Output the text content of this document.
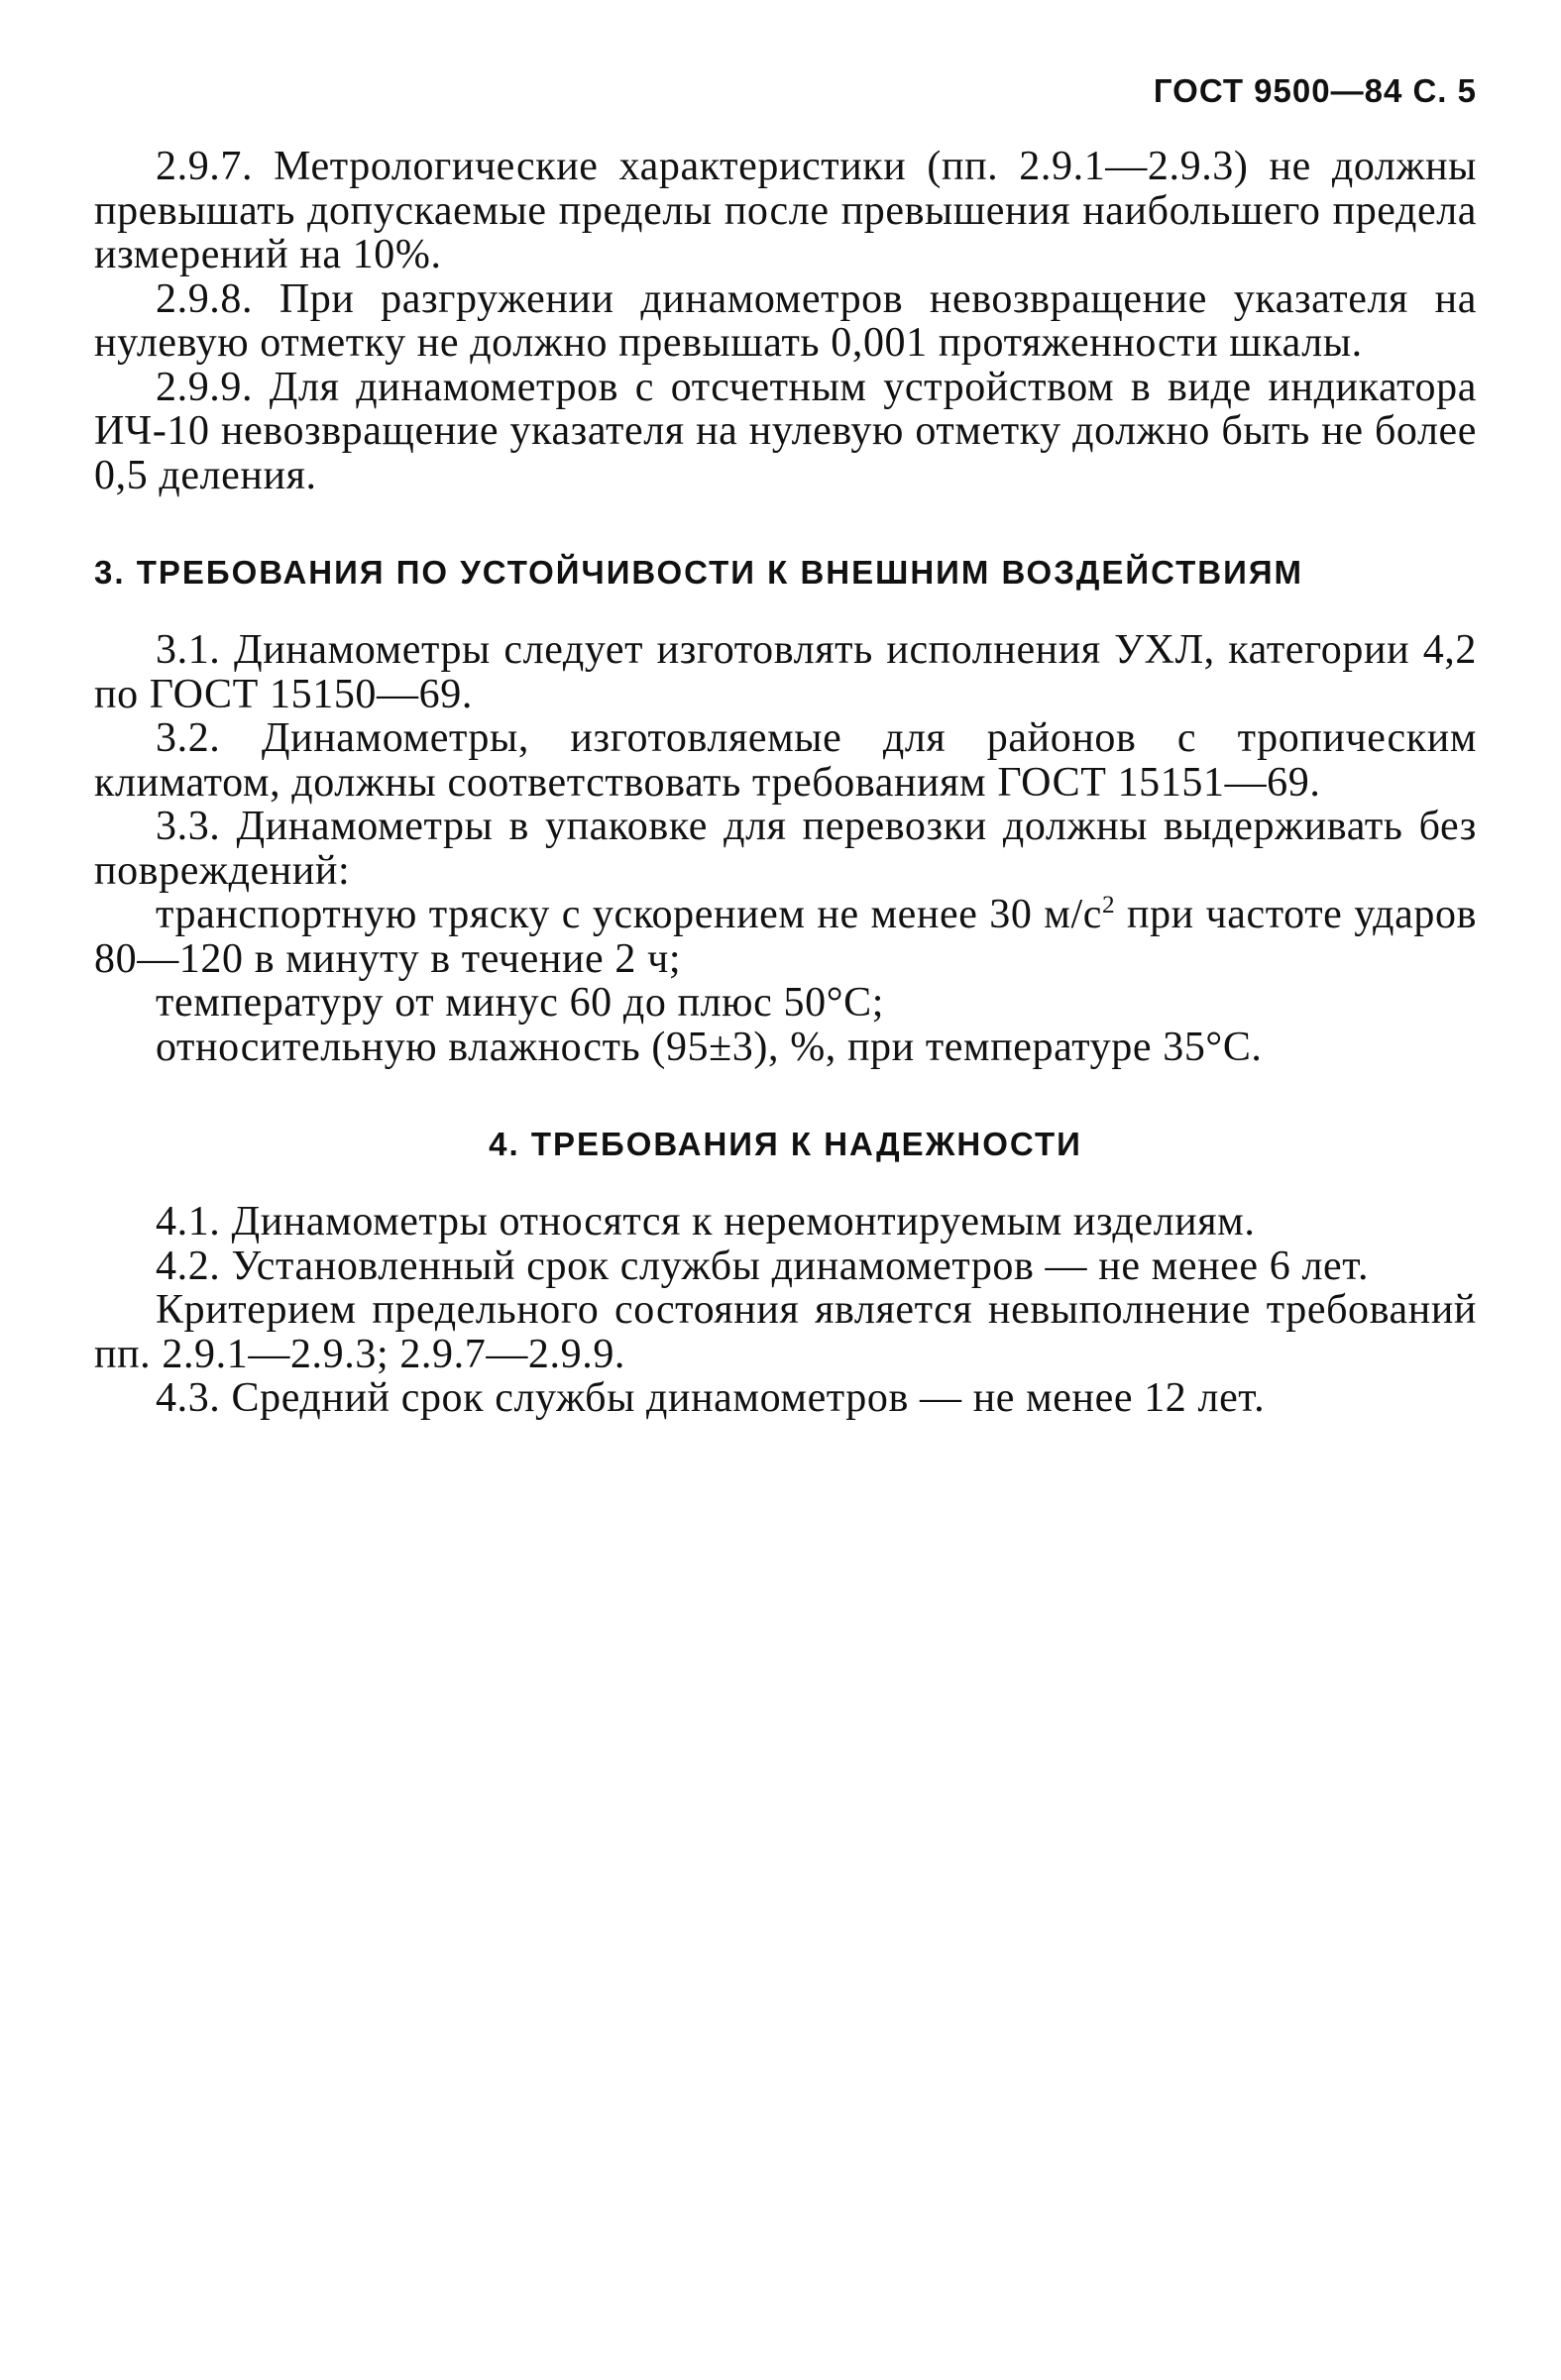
ГОСТ 9500—84 С. 5

2.9.7. Метрологические характеристики (пп. 2.9.1—2.9.3) не должны превышать допускаемые пределы после превышения наибольшего предела измерений на 10%.

2.9.8. При разгружении динамометров невозвращение указателя на нулевую отметку не должно превышать 0,001 протяженности шкалы.

2.9.9. Для динамометров с отсчетным устройством в виде индикатора ИЧ-10 невозвращение указателя на нулевую отметку должно быть не более 0,5 деления.

3. ТРЕБОВАНИЯ ПО УСТОЙЧИВОСТИ К ВНЕШНИМ ВОЗДЕЙСТВИЯМ

3.1. Динамометры следует изготовлять исполнения УХЛ, категории 4,2 по ГОСТ 15150—69.

3.2. Динамометры, изготовляемые для районов с тропическим климатом, должны соответствовать требованиям ГОСТ 15151—69.

3.3. Динамометры в упаковке для перевозки должны выдерживать без повреждений:

транспортную тряску с ускорением не менее 30 $м/с^2$ при частоте ударов 80—120 в минуту в течение 2 ч;

температуру от минус 60 до плюс 50°С;

относительную влажность (95±3), %, при температуре 35°С.

4. ТРЕБОВАНИЯ К НАДЕЖНОСТИ

4.1. Динамометры относятся к неремонтируемым изделиям.

4.2. Установленный срок службы динамометров — не менее 6 лет.

Критерием предельного состояния является невыполнение требований пп. 2.9.1—2.9.3; 2.9.7—2.9.9.

4.3. Средний срок службы динамометров — не менее 12 лет.
